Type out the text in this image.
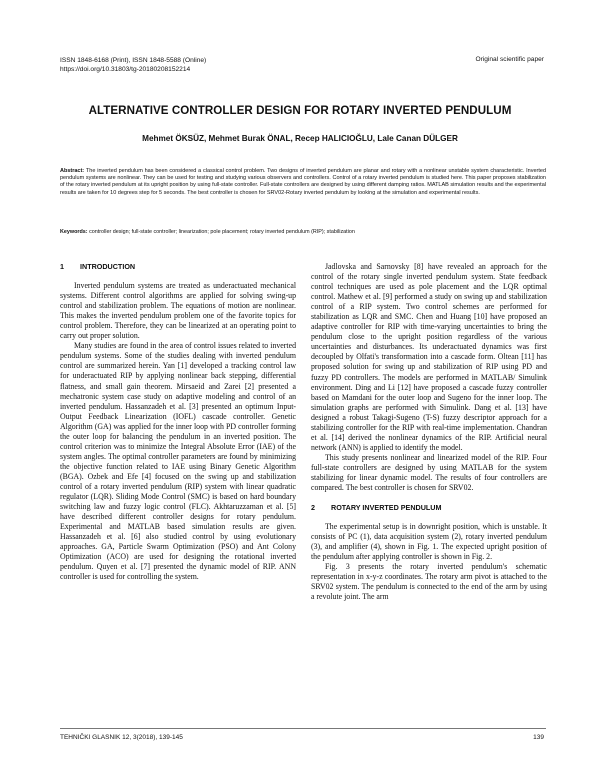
ISSN 1848-6168 (Print), ISSN 1848-5588 (Online)
https://doi.org/10.31803/tg-20180208152214
Original scientific paper
ALTERNATIVE CONTROLLER DESIGN FOR ROTARY INVERTED PENDULUM
Mehmet ÖKSÜZ, Mehmet Burak ÖNAL, Recep HALICIOĞLU, Lale Canan DÜLGER
Abstract: The inverted pendulum has been considered a classical control problem. Two designs of inverted pendulum are planar and rotary with a nonlinear unstable system characteristic. Inverted pendulum systems are nonlinear. They can be used for testing and studying various observers and controllers. Control of a rotary inverted pendulum is studied here. This paper proposes stabilization of the rotary inverted pendulum at its upright position by using full-state controller. Full-state controllers are designed by using different damping ratios. MATLAB simulation results and the experimental results are taken for 10 degrees step for 5 seconds. The best controller is chosen for SRV02-Rotary inverted pendulum by looking at the simulation and experimental results.
Keywords: controller design; full-state controller; linearization; pole placement; rotary inverted pendulum (RIP); stabilization
1 INTRODUCTION

Inverted pendulum systems are treated as underactuated mechanical systems. Different control algorithms are applied for solving swing-up control and stabilization problem. The equations of motion are nonlinear. This makes the inverted pendulum problem one of the favorite topics for control problem. Therefore, they can be linearized at an operating point to carry out proper solution.

Many studies are found in the area of control issues related to inverted pendulum systems. Some of the studies dealing with inverted pendulum control are summarized herein. Yan [1] developed a tracking control law for underactuated RIP by applying nonlinear back stepping, differential flatness, and small gain theorem. Mirsaeid and Zarei [2] presented a mechatronic system case study on adaptive modeling and control of an inverted pendulum. Hassanzadeh et al. [3] presented an optimum Input-Output Feedback Linearization (IOFL) cascade controller. Genetic Algorithm (GA) was applied for the inner loop with PD controller forming the outer loop for balancing the pendulum in an inverted position. The control criterion was to minimize the Integral Absolute Error (IAE) of the system angles. The optimal controller parameters are found by minimizing the objective function related to IAE using Binary Genetic Algorithm (BGA). Ozbek and Efe [4] focused on the swing up and stabilization control of a rotary inverted pendulum (RIP) system with linear quadratic regulator (LQR). Sliding Mode Control (SMC) is based on hard boundary switching law and fuzzy logic control (FLC). Akhtaruzzaman et al. [5] have described different controller designs for rotary pendulum. Experimental and MATLAB based simulation results are given. Hassanzadeh et al. [6] also studied control by using evolutionary approaches. GA, Particle Swarm Optimization (PSO) and Ant Colony Optimization (ACO) are used for designing the rotational inverted pendulum. Quyen et al. [7] presented the dynamic model of RIP. ANN controller is used for controlling the system.

Jadlovska and Sarnovsky [8] have revealed an approach for the control of the rotary single inverted pendulum system. State feedback control techniques are used as pole placement and the LQR optimal control. Mathew et al. [9] performed a study on swing up and stabilization control of a RIP system. Two control schemes are performed for stabilization as LQR and SMC. Chen and Huang [10] have proposed an adaptive controller for RIP with time-varying uncertainties to bring the pendulum close to the upright position regardless of the various uncertainties and disturbances. Its underactuated dynamics was first decoupled by Olfati's transformation into a cascade form. Oltean [11] has proposed solution for swing up and stabilization of RIP using PD and fuzzy PD controllers. The models are performed in MATLAB/ Simulink environment. Ding and Li [12] have proposed a cascade fuzzy controller based on Mamdani for the outer loop and Sugeno for the inner loop. The simulation graphs are performed with Simulink. Dang et al. [13] have designed a robust Takagi-Sugeno (T-S) fuzzy descriptor approach for a stabilizing controller for the RIP with real-time implementation. Chandran et al. [14] derived the nonlinear dynamics of the RIP. Artificial neural network (ANN) is applied to identify the model.

This study presents nonlinear and linearized model of the RIP. Four full-state controllers are designed by using MATLAB for the system stabilizing for linear dynamic model. The results of four controllers are compared. The best controller is chosen for SRV02.

2 ROTARY INVERTED PENDULUM

The experimental setup is in downright position, which is unstable. It consists of PC (1), data acquisition system (2), rotary inverted pendulum (3), and amplifier (4), shown in Fig. 1. The expected upright position of the pendulum after applying controller is shown in Fig. 2.

Fig. 3 presents the rotary inverted pendulum's schematic representation in x-y-z coordinates. The rotary arm pivot is attached to the SRV02 system. The pendulum is connected to the end of the arm by using a revolute joint. The arm

TEHNIČKI GLASNIK 12, 3(2018), 139-145	139
